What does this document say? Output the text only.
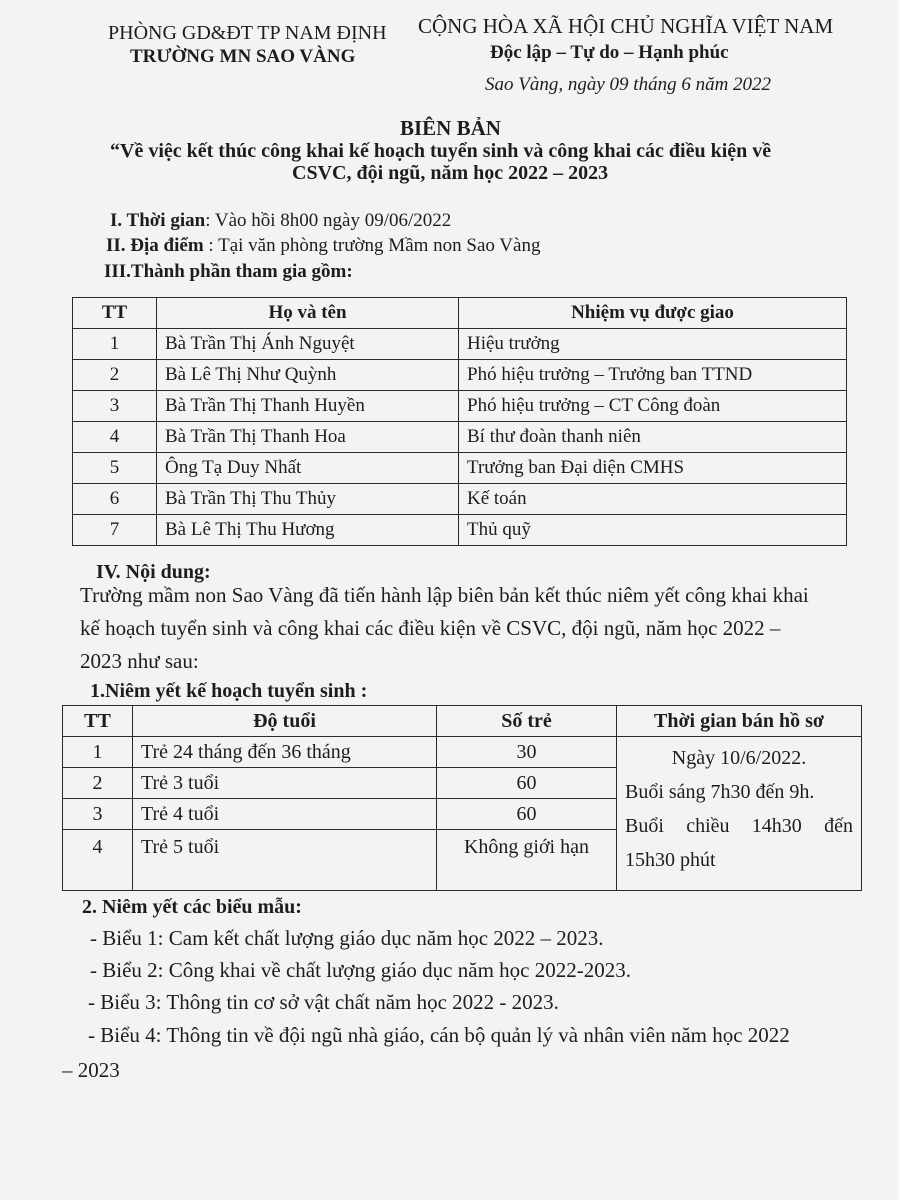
PHÒNG GD&ĐT TP NAM ĐỊNH
TRƯỜNG MN SAO VÀNG
CỘNG HÒA XÃ HỘI CHỦ NGHĨA VIỆT NAM
Độc lập – Tự do – Hạnh phúc
Sao Vàng, ngày 09 tháng 6 năm 2022
BIÊN BẢN
“Về việc kết thúc công khai kế hoạch tuyển sinh và công khai các điều kiện về
CSVC, đội ngũ, năm học 2022 – 2023
I. Thời gian: Vào hồi 8h00 ngày 09/06/2022
II. Địa điểm : Tại văn phòng trường Mầm non Sao Vàng
III.Thành phần tham gia gồm:
TT	Họ và tên	Nhiệm vụ được giao
1	Bà Trần Thị Ánh Nguyệt	Hiệu trưởng
2	Bà Lê Thị Như Quỳnh	Phó hiệu trưởng – Trưởng ban TTND
3	Bà Trần Thị Thanh Huyền	Phó hiệu trưởng – CT Công đoàn
4	Bà Trần Thị Thanh Hoa	Bí thư đoàn thanh niên
5	Ông Tạ Duy Nhất	Trưởng ban Đại diện CMHS
6	Bà Trần Thị Thu Thủy	Kế toán
7	Bà Lê Thị Thu Hương	Thủ quỹ
IV. Nội dung:
Trường mầm non Sao Vàng đã tiến hành lập biên bản kết thúc niêm yết công khai khai
kế hoạch tuyển sinh và công khai các điều kiện về CSVC, đội ngũ, năm học 2022 –
2023 như sau:
1.Niêm yết kế hoạch tuyển sinh :
TT	Độ tuổi	Số trẻ	Thời gian bán hồ sơ
1	Trẻ 24 tháng đến 36 tháng	30	Ngày 10/6/2022.
Buổi sáng 7h30 đến 9h.
Buổi chiều 14h30 đến
15h30 phút

2	Trẻ 3 tuổi	60	
3	Trẻ 4 tuổi	60	
4	Trẻ 5 tuổi	Không giới hạn	
2. Niêm yết các biểu mẫu:
- Biểu 1: Cam kết chất lượng giáo dục năm học 2022 – 2023.
- Biểu 2: Công khai về chất lượng giáo dục năm học 2022-2023.
- Biểu 3: Thông tin cơ sở vật chất năm học 2022 - 2023.
- Biểu 4: Thông tin về đội ngũ nhà giáo, cán bộ quản lý và nhân viên năm học 2022
– 2023
